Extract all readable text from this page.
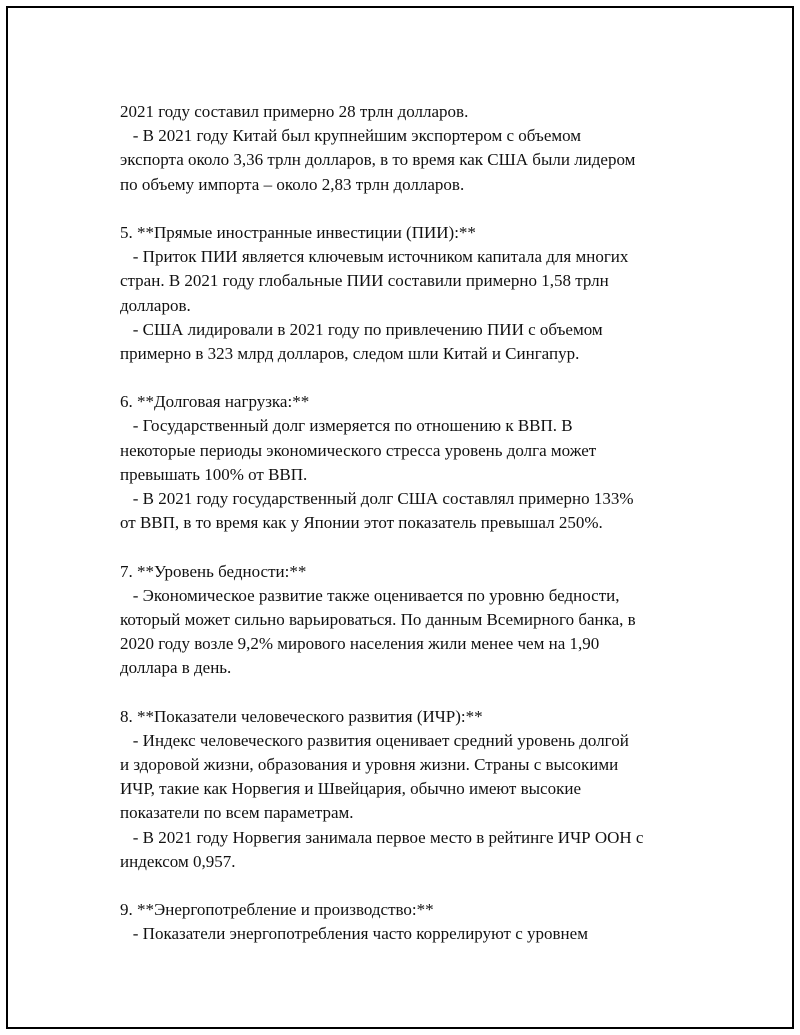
2021 году составил примерно 28 трлн долларов.
- В 2021 году Китай был крупнейшим экспортером с объемом
экспорта около 3,36 трлн долларов, в то время как США были лидером
по объему импорта – около 2,83 трлн долларов.
5. **Прямые иностранные инвестиции (ПИИ):**
- Приток ПИИ является ключевым источником капитала для многих
стран. В 2021 году глобальные ПИИ составили примерно 1,58 трлн
долларов.
- США лидировали в 2021 году по привлечению ПИИ с объемом
примерно в 323 млрд долларов, следом шли Китай и Сингапур.
6. **Долговая нагрузка:**
- Государственный долг измеряется по отношению к ВВП. В
некоторые периоды экономического стресса уровень долга может
превышать 100% от ВВП.
- В 2021 году государственный долг США составлял примерно 133%
от ВВП, в то время как у Японии этот показатель превышал 250%.
7. **Уровень бедности:**
- Экономическое развитие также оценивается по уровню бедности,
который может сильно варьироваться. По данным Всемирного банка, в
2020 году возле 9,2% мирового населения жили менее чем на 1,90
доллара в день.
8. **Показатели человеческого развития (ИЧР):**
- Индекс человеческого развития оценивает средний уровень долгой
и здоровой жизни, образования и уровня жизни. Страны с высокими
ИЧР, такие как Норвегия и Швейцария, обычно имеют высокие
показатели по всем параметрам.
- В 2021 году Норвегия занимала первое место в рейтинге ИЧР ООН с
индексом 0,957.
9. **Энергопотребление и производство:**
- Показатели энергопотребления часто коррелируют с уровнем
